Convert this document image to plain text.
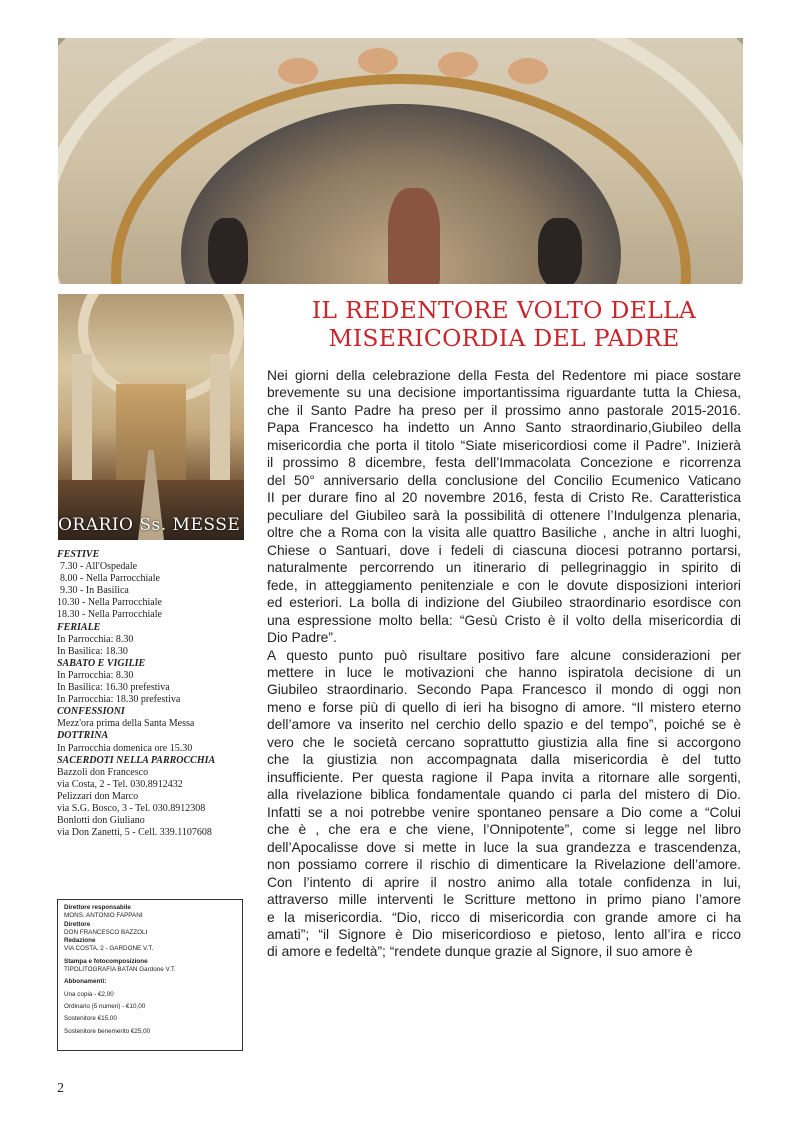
ORARIO Ss. MESSE
FESTIVE
7.30 - All'Ospedale
8.00 - Nella Parrocchiale
9.30 - In Basilica
10.30 - Nella Parrocchiale
18.30 - Nella Parrocchiale
FERIALE
In Parrocchia: 8.30
In Basilica: 18.30
SABATO E VIGILIE
In Parrocchia: 8.30
In Basilica: 16.30 prefestiva
In Parrocchia: 18.30 prefestiva
CONFESSIONI
Mezz'ora prima della Santa Messa
DOTTRINA
In Parrocchia domenica ore 15.30
SACERDOTI NELLA PARROCCHIA
Bazzoli don Francesco
via Costa, 2 - Tel. 030.8912432
Pelizzari don Marco
via S.G. Bosco, 3 - Tel. 030.8912308
Bonlotti don Giuliano
via Don Zanetti, 5 - Cell. 339.1107608
Direttore responsabile
MONS. ANTONIO FAPPANI
Direttore
DON FRANCESCO BAZZOLI
Redazione
VIA COSTA, 2 - GARDONE V.T.
Stampa e fotocomposizione
TIPOLITOGRAFIA BATAN Gardone V.T.
Abbonamenti:
Una copia - €2,00
Ordinario (5 numeri) - €10,00
Sostenitore €15,00
Sostenitore benemerito €25,00
IL REDENTORE VOLTO DELLA
MISERICORDIA DEL PADRE
Nei giorni della celebrazione della Festa del Redentore mi piace sostare
brevemente su una decisione importantissima riguardante tutta la Chiesa,
che il Santo Padre ha preso per il prossimo anno pastorale 2015-2016.
Papa Francesco ha indetto un Anno Santo straordinario,Giubileo della
misericordia che porta il titolo “Siate misericordiosi come il Padre”. Inizierà
il prossimo 8 dicembre, festa dell’Immacolata Concezione e ricorrenza
del 50° anniversario della conclusione del Concilio Ecumenico Vaticano
II per durare fino al 20 novembre 2016, festa di Cristo Re. Caratteristica
peculiare del Giubileo sarà la possibilità di ottenere l’Indulgenza plenaria,
oltre che a Roma con la visita alle quattro Basiliche , anche in altri luoghi,
Chiese o Santuari, dove i fedeli di ciascuna diocesi potranno portarsi,
naturalmente percorrendo un itinerario di pellegrinaggio in spirito di
fede, in atteggiamento penitenziale e con le dovute disposizioni interiori
ed esteriori. La bolla di indizione del Giubileo straordinario esordisce con
una espressione molto bella: “Gesù Cristo è il volto della misericordia di
Dio Padre”.
A questo punto può risultare positivo fare alcune considerazioni per
mettere in luce le motivazioni che hanno ispiratola decisione di un
Giubileo straordinario. Secondo Papa Francesco il mondo di oggi non
meno e forse più di quello di ieri ha bisogno di amore. “Il mistero eterno
dell’amore va inserito nel cerchio dello spazio e del tempo”, poiché se è
vero che le società cercano soprattutto giustizia alla fine si accorgono
che la giustizia non accompagnata dalla misericordia è del tutto
insufficiente. Per questa ragione il Papa invita a ritornare alle sorgenti,
alla rivelazione biblica fondamentale quando ci parla del mistero di Dio.
Infatti se a noi potrebbe venire spontaneo pensare a Dio come a “Colui
che è , che era e che viene, l’Onnipotente”, come si legge nel libro
dell’Apocalisse dove si mette in luce la sua grandezza e trascendenza,
non possiamo correre il rischio di dimenticare la Rivelazione dell’amore.
Con l’intento di aprire il nostro animo alla totale confidenza in lui,
attraverso mille interventi le Scritture mettono in primo piano l’amore
e la misericordia. “Dio, ricco di misericordia con grande amore ci ha
amati”; “il Signore è Dio misericordioso e pietoso, lento all’ira e ricco
di amore e fedeltà”; “rendete dunque grazie al Signore, il suo amore è
2
